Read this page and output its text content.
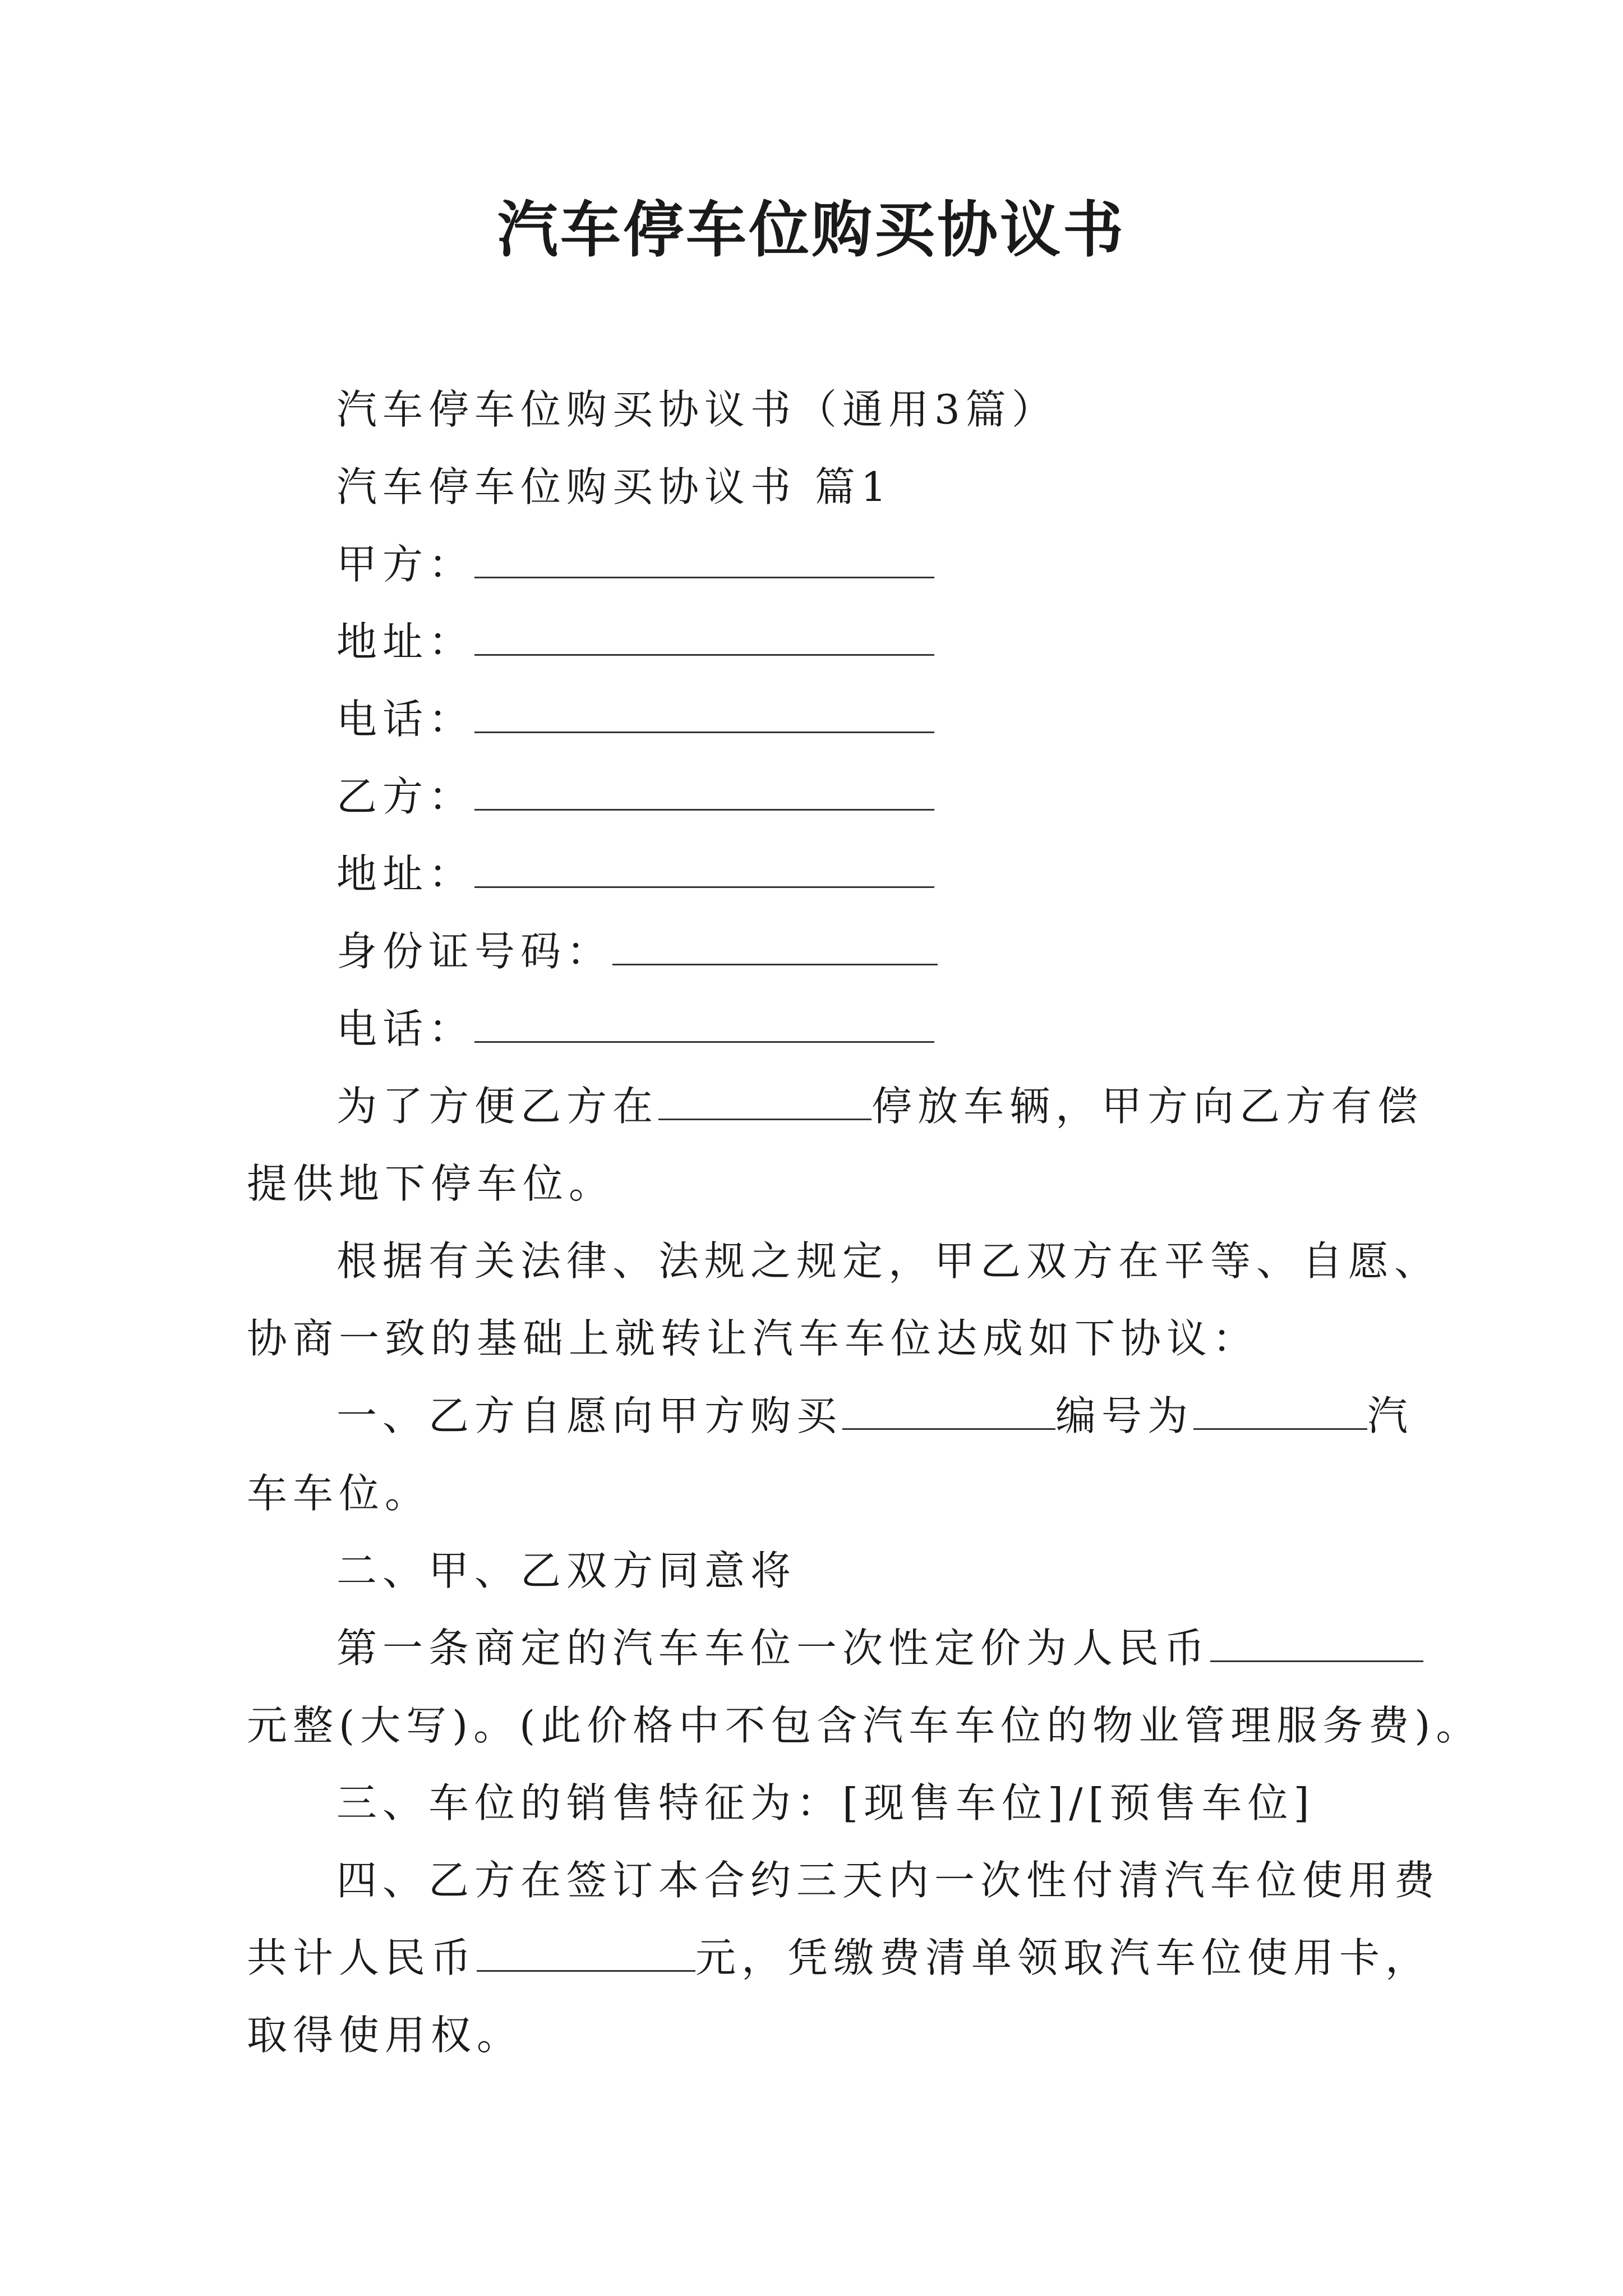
汽车停车位购买协议书
汽车停车位购买协议书（通用3篇）
汽车停车位购买协议书 篇1
甲方：
地址：
电话：
乙方：
地址：
身份证号码：
电话：
为了方便乙方在	停放车辆，甲方向乙方有偿
提供地下停车位。
根据有关法律、法规之规定，甲乙双方在平等、自愿、
协商一致的基础上就转让汽车车位达成如下协议：
一、乙方自愿向甲方购买	编号为	汽
车车位。
二、甲、乙双方同意将
第一条商定的汽车车位一次性定价为人民币
元整(大写)。(此价格中不包含汽车车位的物业管理服务费)。
三、车位的销售特征为：[现售车位]/[预售车位]
四、乙方在签订本合约三天内一次性付清汽车位使用费
共计人民币	元，凭缴费清单领取汽车位使用卡，
取得使用权。
